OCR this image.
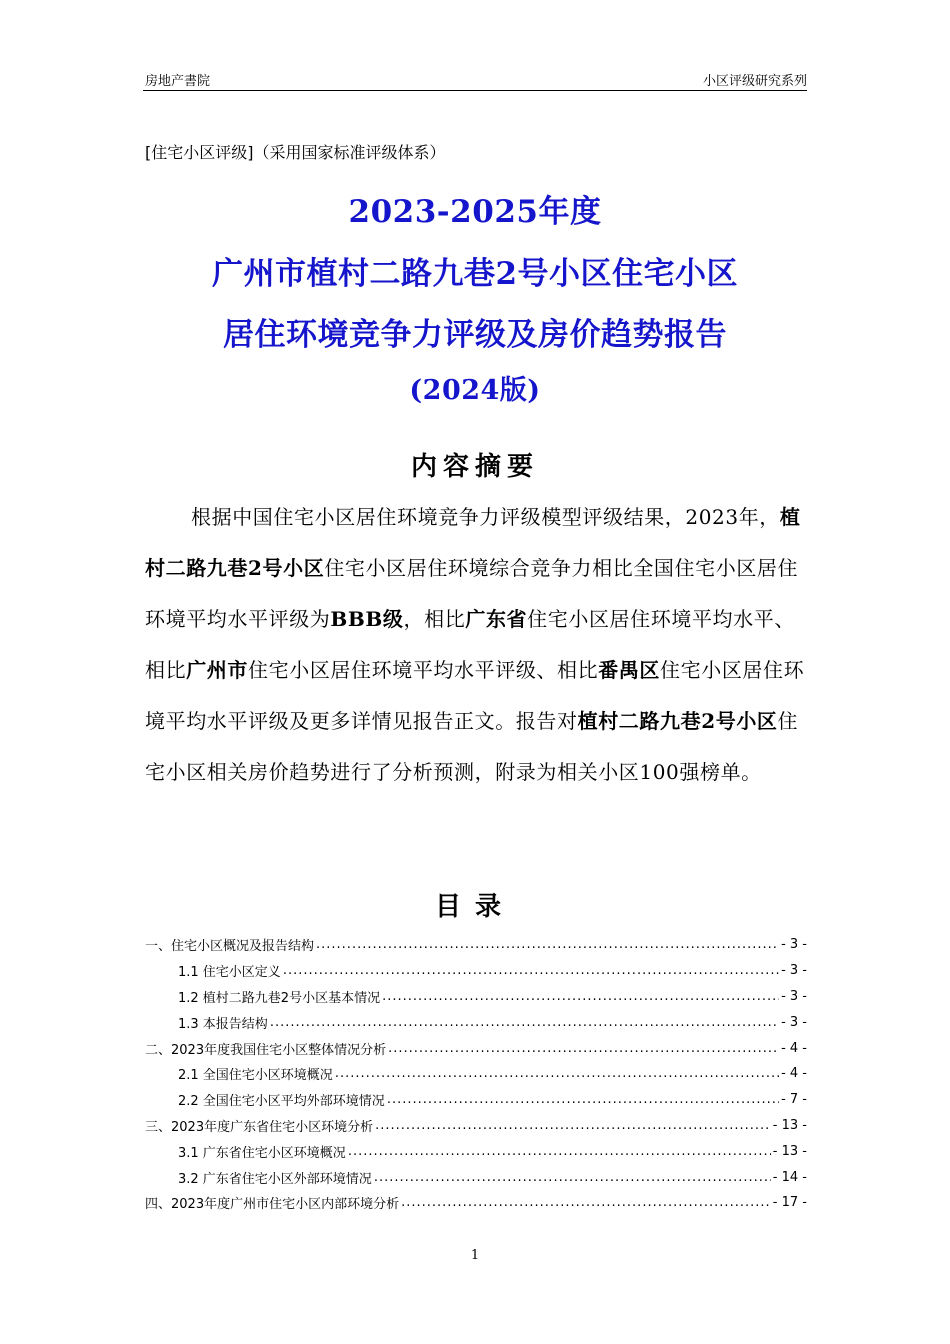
房地产書院	小区评级研究系列
[住宅小区评级]（采用国家标准评级体系）
2023-2025年度
广州市植村二路九巷2号小区住宅小区
居住环境竞争力评级及房价趋势报告
(2024版)
内容摘要

根据中国住宅小区居住环境竞争力评级模型评级结果，2023年，植村二路九巷2号小区住宅小区居住环境综合竞争力相比全国住宅小区居住环境平均水平评级为BBB级，相比广东省住宅小区居住环境平均水平、相比广州市住宅小区居住环境平均水平评级、相比番禺区住宅小区居住环境平均水平评级及更多详情见报告正文。报告对植村二路九巷2号小区住宅小区相关房价趋势进行了分析预测，附录为相关小区100强榜单。

目录
一、住宅小区概况及报告结构 .....	- 3 -
1.1 住宅小区定义 .....	- 3 -
1.2 植村二路九巷2号小区基本情况 .....	- 3 -
1.3 本报告结构 .....	- 3 -
二、2023年度我国住宅小区整体情况分析 .....	- 4 -
2.1 全国住宅小区环境概况 .....	- 4 -
2.2 全国住宅小区平均外部环境情况 .....	- 7 -
三、2023年度广东省住宅小区环境分析 .....	- 13 -
3.1 广东省住宅小区环境概况 .....	- 13 -
3.2 广东省住宅小区外部环境情况 .....	- 14 -
四、2023年度广州市住宅小区内部环境分析 .....	- 17 -
1
